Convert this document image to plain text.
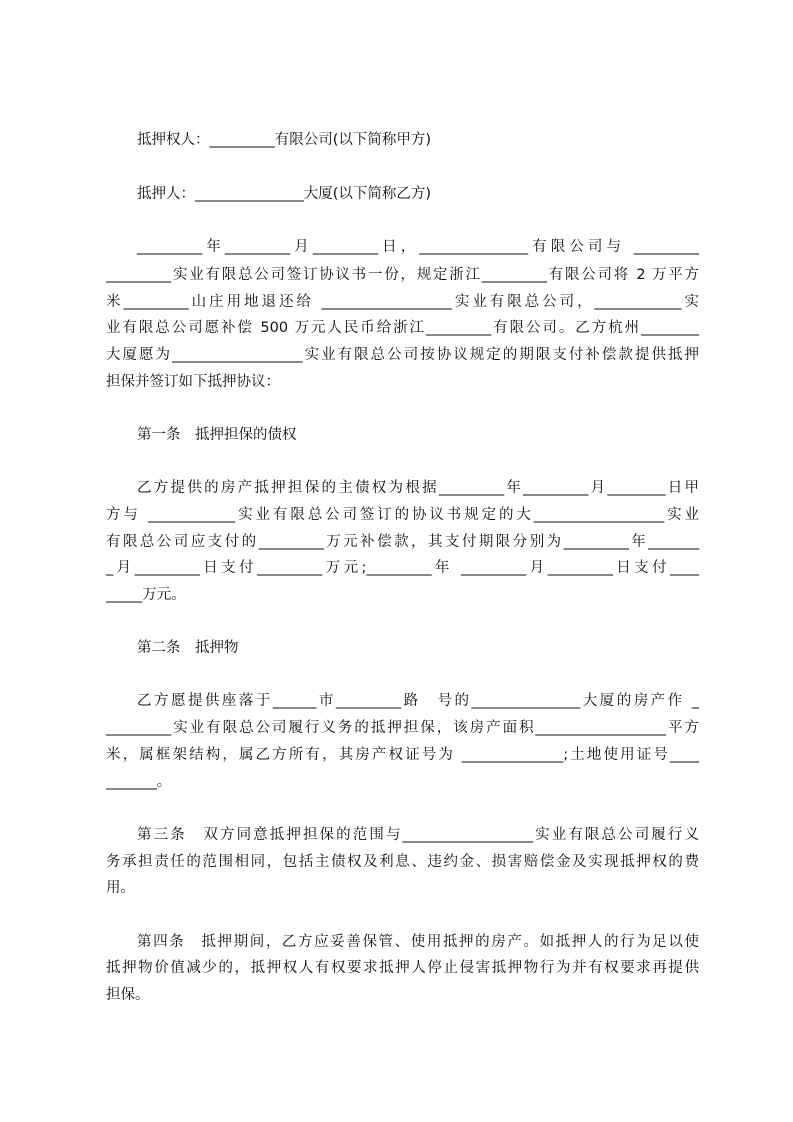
抵押权人：_________有限公司(以下简称甲方)
抵押人：_______________大厦(以下简称乙方)
_________年_________月_________日，_______________有限公司与 _________
_________实业有限总公司签订协议书一份，规定浙江_________有限公司将 2 万平方
米_________山庄用地退还给 __________________实业有限总公司，____________实
业有限总公司愿补偿 500 万元人民币给浙江_________有限公司。乙方杭州________
大厦愿为__________________实业有限总公司按协议规定的期限支付补偿款提供抵押
担保并签订如下抵押协议：
第一条　抵押担保的债权
乙方提供的房产抵押担保的主债权为根据_________年_________月________日甲
方与 ____________实业有限总公司签订的协议书规定的大__________________实业
有限总公司应支付的_________万元补偿款，其支付期限分别为_________年_______
_月_________日支付_________万元;_________年 _________月_________日支付____
_____万元。
第二条　抵押物
乙方愿提供座落于______市_________路　号的_______________大厦的房产作 _
_________实业有限总公司履行义务的抵押担保，该房产面积__________________平方
米，属框架结构，属乙方所有，其房产权证号为 ______________;土地使用证号____
_______。
第三条　双方同意抵押担保的范围与__________________实业有限总公司履行义
务承担责任的范围相同，包括主债权及利息、违约金、损害赔偿金及实现抵押权的费
用。
第四条　抵押期间，乙方应妥善保管、使用抵押的房产。如抵押人的行为足以使
抵押物价值减少的，抵押权人有权要求抵押人停止侵害抵押物行为并有权要求再提供
担保。
